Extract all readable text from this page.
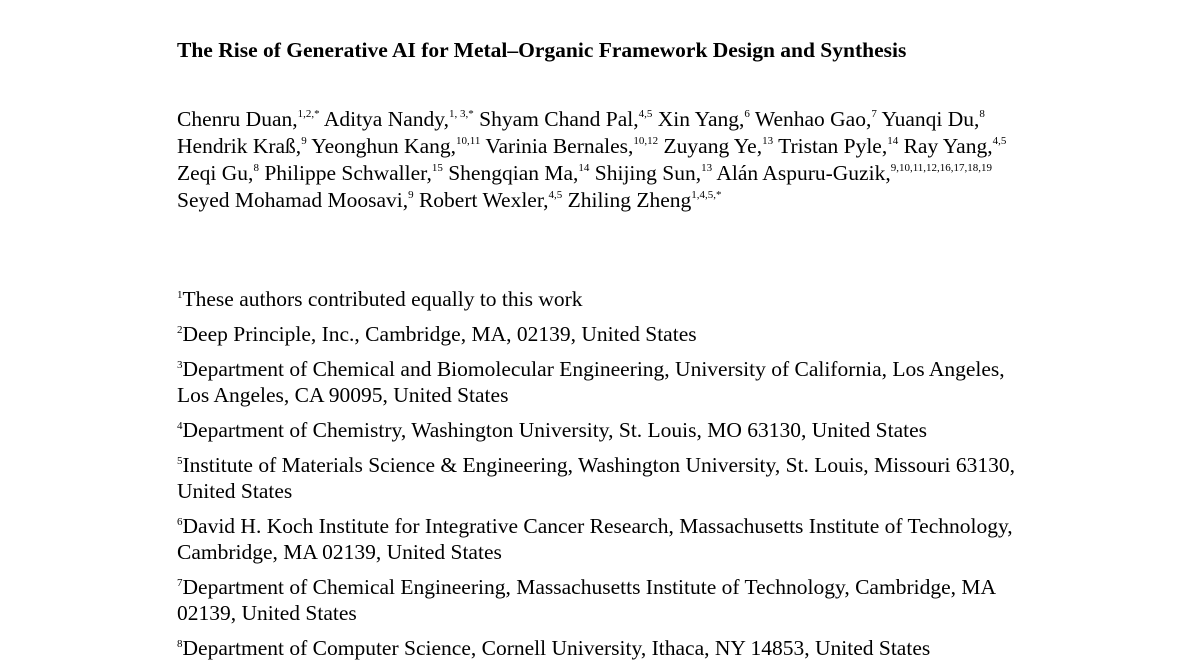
The Rise of Generative AI for Metal–Organic Framework Design and Synthesis
Chenru Duan,$^{1,2,*}$ Aditya Nandy,$^{1, 3,*}$ Shyam Chand Pal,$^{4,5}$ Xin Yang,$^6$ Wenhao Gao,$^7$ Yuanqi Du,$^8$ Hendrik Kraß,$^9$ Yeonghun Kang,$^{10,11}$ Varinia Bernales,$^{10,12}$ Zuyang Ye,$^{13}$ Tristan Pyle,$^{14}$ Ray Yang,$^{4,5}$ Zeqi Gu,$^8$ Philippe Schwaller,$^{15}$ Shengqian Ma,$^{14}$ Shijing Sun,$^{13}$ Alán Aspuru-Guzik,$^{9,10,11,12,16,17,18,19}$ Seyed Mohamad Moosavi,$^9$ Robert Wexler,$^{4,5}$ Zhiling Zheng$^{1,4,5,*}$

$^1$These authors contributed equally to this work

$^2$Deep Principle, Inc., Cambridge, MA, 02139, United States

$^3$Department of Chemical and Biomolecular Engineering, University of California, Los Angeles, Los Angeles, CA 90095, United States

$^4$Department of Chemistry, Washington University, St. Louis, MO 63130, United States

$^5$Institute of Materials Science & Engineering, Washington University, St. Louis, Missouri 63130, United States

$^6$David H. Koch Institute for Integrative Cancer Research, Massachusetts Institute of Technology, Cambridge, MA 02139, United States

$^7$Department of Chemical Engineering, Massachusetts Institute of Technology, Cambridge, MA 02139, United States

$^8$Department of Computer Science, Cornell University, Ithaca, NY 14853, United States
